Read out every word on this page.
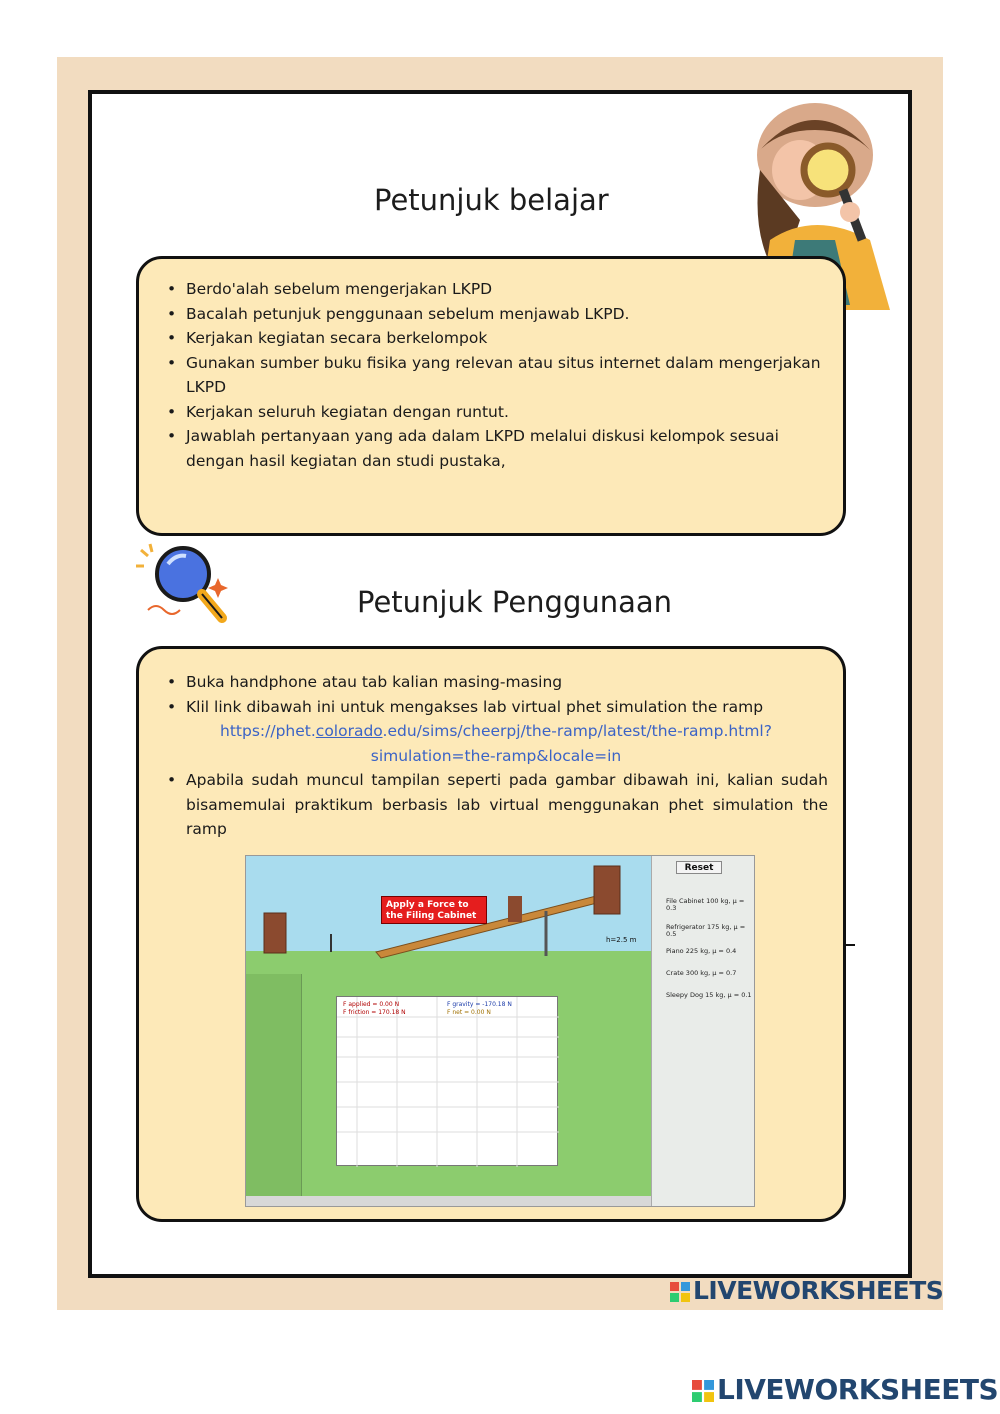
Petunjuk belajar
• Berdo'alah sebelum mengerjakan LKPD
• Bacalah petunjuk penggunaan sebelum menjawab LKPD.
• Kerjakan kegiatan secara berkelompok
• Gunakan sumber buku fisika yang relevan atau situs internet dalam mengerjakan LKPD
• Kerjakan seluruh kegiatan dengan runtut.
• Jawablah pertanyaan yang ada dalam LKPD melalui diskusi kelompok sesuai dengan hasil kegiatan dan studi pustaka,
Petunjuk Penggunaan
• Buka handphone atau tab kalian masing-masing
• Klil link dibawah ini untuk mengakses lab virtual phet simulation the ramp
• Apabila sudah muncul tampilan seperti pada gambar dibawah ini, kalian sudah bisamemulai praktikum berbasis lab virtual menggunakan phet simulation the ramp
https://phet.colorado.edu/sims/cheerpj/the-ramp/latest/the-ramp.html?
simulation=the-ramp&locale=in
Apply a Force to the Filing Cabinet
h=2.5 m
F applied = 0.00 N
F friction = 170.18 N
F gravity = -170.18 N
F net = 0.00 N
Reset
File Cabinet 100 kg, μ = 0.3
Refrigerator 175 kg, μ = 0.5
Piano 225 kg, μ = 0.4
Crate 300 kg, μ = 0.7
Sleepy Dog 15 kg, μ = 0.1
LIVEWORKSHEETS
LIVEWORKSHEETS
